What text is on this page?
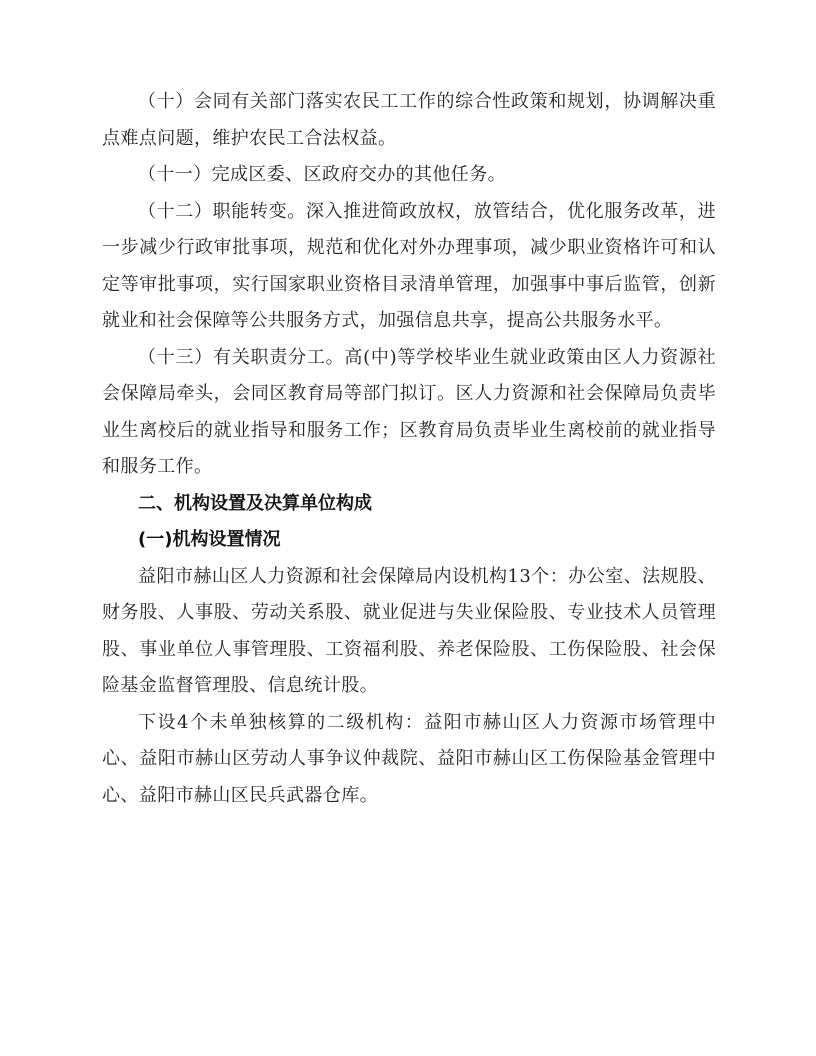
（十）会同有关部门落实农民工工作的综合性政策和规划，协调解决重点难点问题，维护农民工合法权益。

（十一）完成区委、区政府交办的其他任务。

（十二）职能转变。深入推进简政放权，放管结合，优化服务改革，进一步减少行政审批事项，规范和优化对外办理事项，减少职业资格许可和认定等审批事项，实行国家职业资格目录清单管理，加强事中事后监管，创新就业和社会保障等公共服务方式，加强信息共享，提高公共服务水平。

（十三）有关职责分工。高(中)等学校毕业生就业政策由区人力资源社会保障局牵头，会同区教育局等部门拟订。区人力资源和社会保障局负责毕业生离校后的就业指导和服务工作；区教育局负责毕业生离校前的就业指导和服务工作。

二、机构设置及决算单位构成

(一)机构设置情况

益阳市赫山区人力资源和社会保障局内设机构13个：办公室、法规股、财务股、人事股、劳动关系股、就业促进与失业保险股、专业技术人员管理股、事业单位人事管理股、工资福利股、养老保险股、工伤保险股、社会保险基金监督管理股、信息统计股。

下设4个未单独核算的二级机构：益阳市赫山区人力资源市场管理中心、益阳市赫山区劳动人事争议仲裁院、益阳市赫山区工伤保险基金管理中心、益阳市赫山区民兵武器仓库。
